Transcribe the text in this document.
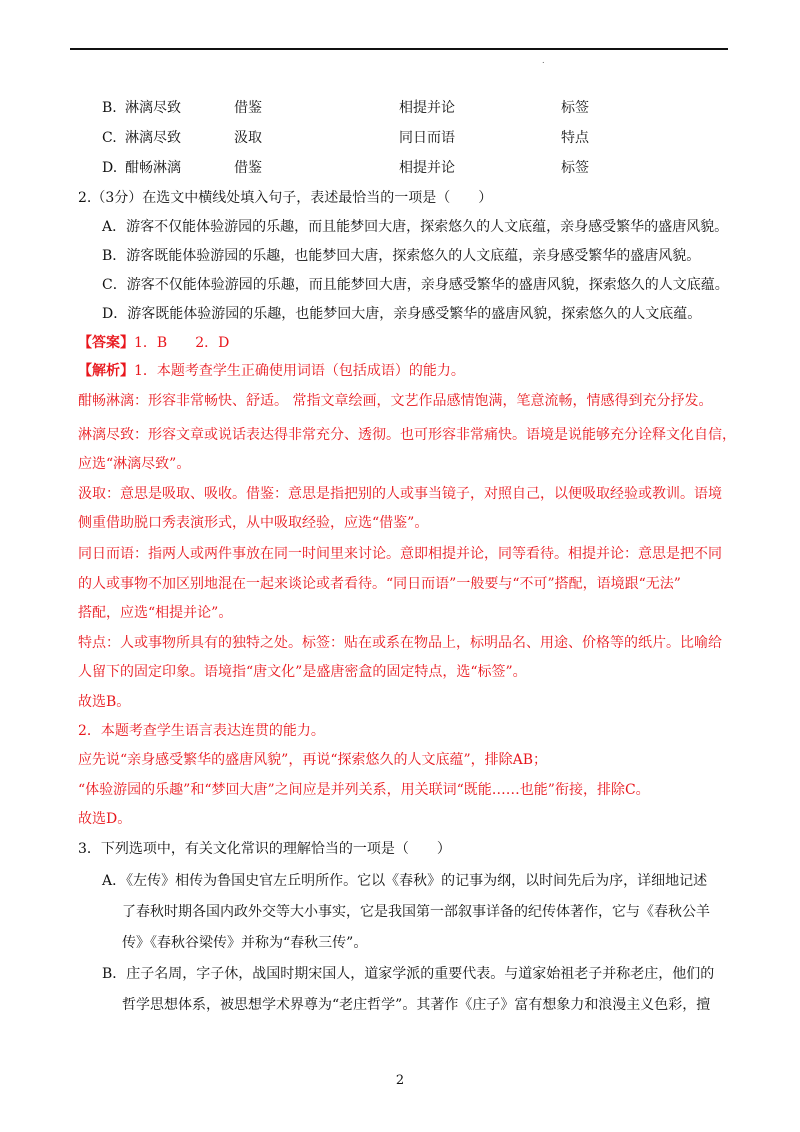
.
B. 淋漓尽致	借鉴	相提并论	标签
C. 淋漓尽致	汲取	同日而语	特点
D. 酣畅淋漓	借鉴	相提并论	标签
2.（3分）在选文中横线处填入句子，表述最恰当的一项是（　　）
A．游客不仅能体验游园的乐趣，而且能梦回大唐，探索悠久的人文底蕴，亲身感受繁华的盛唐风貌。
B．游客既能体验游园的乐趣，也能梦回大唐，探索悠久的人文底蕴，亲身感受繁华的盛唐风貌。
C．游客不仅能体验游园的乐趣，而且能梦回大唐，亲身感受繁华的盛唐风貌，探索悠久的人文底蕴。
D．游客既能体验游园的乐趣，也能梦回大唐，亲身感受繁华的盛唐风貌，探索悠久的人文底蕴。
【答案】1．B　　2．D
【解析】1．本题考查学生正确使用词语（包括成语）的能力。
酣畅淋漓：形容非常畅快、舒适。 常指文章绘画，文艺作品感情饱满，笔意流畅，情感得到充分抒发。
淋漓尽致：形容文章或说话表达得非常充分、透彻。也可形容非常痛快。语境是说能够充分诠释文化自信，
应选“淋漓尽致”。
汲取：意思是吸取、吸收。借鉴：意思是指把别的人或事当镜子，对照自己，以便吸取经验或教训。语境
侧重借助脱口秀表演形式，从中吸取经验，应选“借鉴”。
同日而语：指两人或两件事放在同一时间里来讨论。意即相提并论，同等看待。相提并论：意思是把不同
的人或事物不加区别地混在一起来谈论或者看待。“同日而语”一般要与“不可”搭配，语境跟“无法”
搭配，应选“相提并论”。
特点：人或事物所具有的独特之处。标签：贴在或系在物品上，标明品名、用途、价格等的纸片。比喻给
人留下的固定印象。语境指“唐文化”是盛唐密盒的固定特点，选“标签”。
故选B。
2．本题考查学生语言表达连贯的能力。
应先说“亲身感受繁华的盛唐风貌”，再说“探索悠久的人文底蕴”，排除AB；
“体验游园的乐趣”和“梦回大唐”之间应是并列关系，用关联词“既能……也能”衔接，排除C。
故选D。
3．下列选项中，有关文化常识的理解恰当的一项是（　　）
A．《左传》相传为鲁国史官左丘明所作。它以《春秋》的记事为纲，以时间先后为序，详细地记述
了春秋时期各国内政外交等大小事实，它是我国第一部叙事详备的纪传体著作，它与《春秋公羊
传》《春秋谷梁传》并称为“春秋三传”。
B．庄子名周，字子休，战国时期宋国人，道家学派的重要代表。与道家始祖老子并称老庄，他们的
哲学思想体系，被思想学术界尊为“老庄哲学”。其著作《庄子》富有想象力和浪漫主义色彩，擅
2
